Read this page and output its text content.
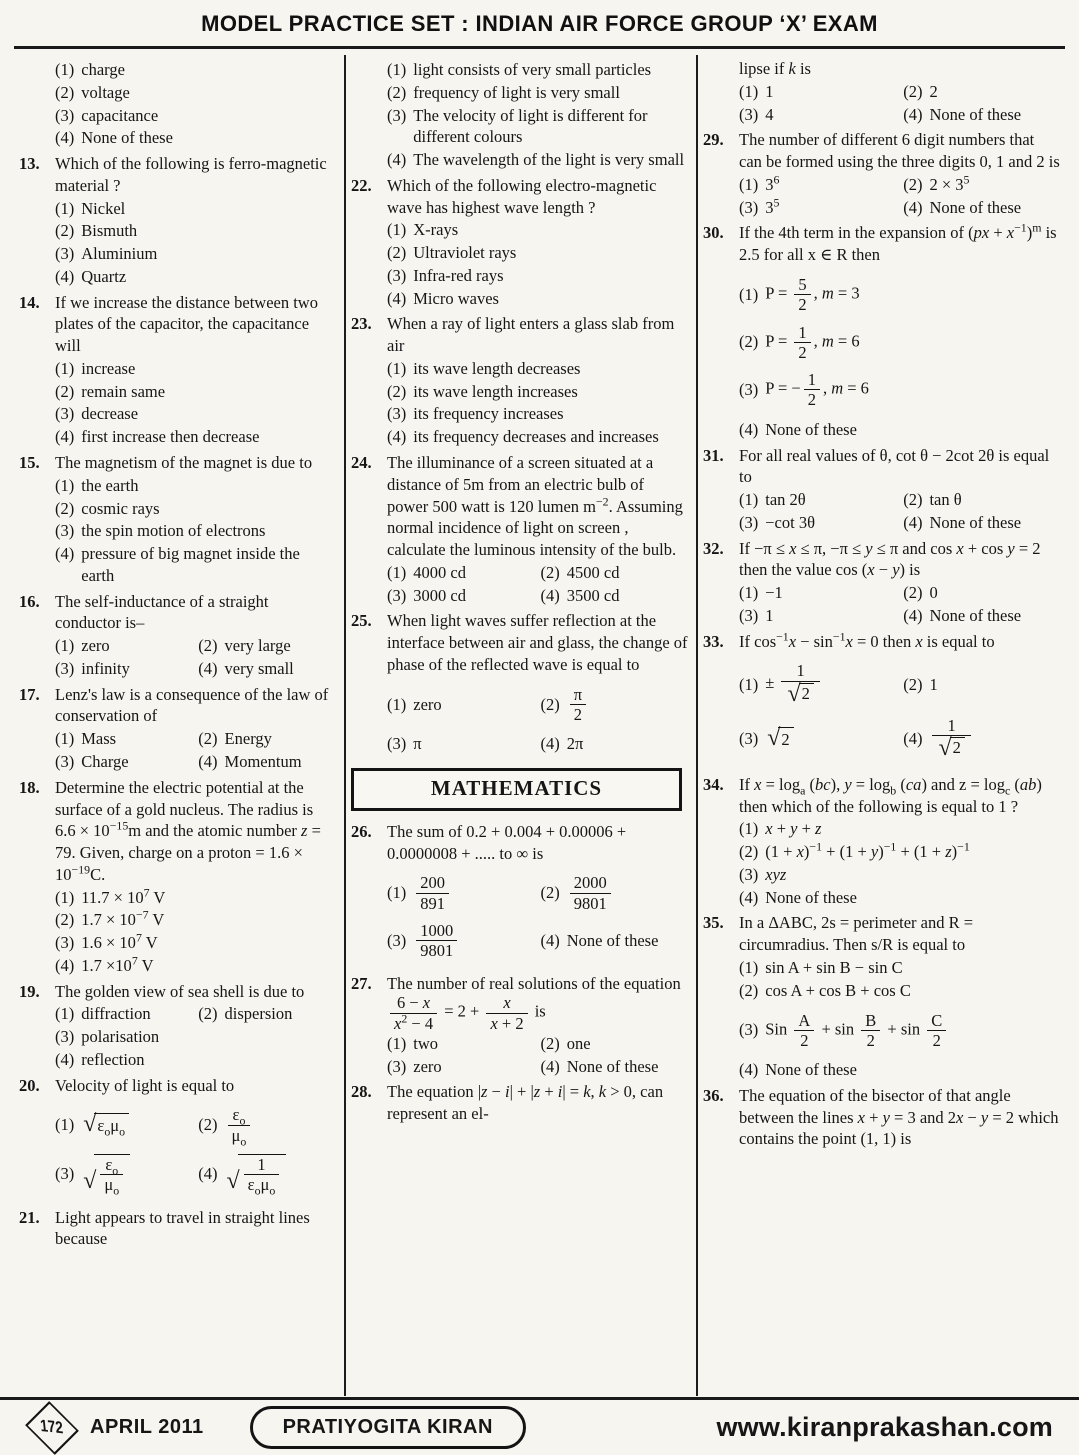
MODEL PRACTICE SET : INDIAN AIR FORCE GROUP ‘X’ EXAM
(1) charge
(2) voltage
(3) capacitance
(4) None of these
13. Which of the following is ferro-magnetic material ?
(1) Nickel
(2) Bismuth
(3) Aluminium
(4) Quartz
14. If we increase the distance between two plates of the capacitor, the capacitance will
(1) increase
(2) remain same
(3) decrease
(4) first increase then decrease
15. The magnetism of the magnet is due to
(1) the earth
(2) cosmic rays
(3) the spin motion of electrons
(4) pressure of big magnet inside the earth
16. The self-inductance of a straight conductor is–
(1) zero	(2) very large
(3) infinity	(4) very small
17. Lenz's law is a consequence of the law of conservation of
(1) Mass	(2) Energy
(3) Charge	(4) Momentum
18. Determine the electric potential at the surface of a gold nucleus. The radius is $6.6 \times 10^{-15}m$ and the atomic number z = 79. Given, charge on a proton = $1.6 \times 10^{-19}C$.
(1) $11.7 \times 10^7$ V
(2) $1.7 \times 10^{-7}$ V
(3) $1.6 \times 10^7$ V
(4) $1.7 \times 10^7$ V
19. The golden view of sea shell is due to
(1) diffraction	(2) dispersion
(3) polarisation
(4) reflection
20. Velocity of light is equal to
(1) √ $\varepsilon_o\mu_o$	$(2) \frac{\varepsilon_o}{\mu_o}$
(3) √ $\frac{\varepsilon_o}{\mu_o}$	(4) √ $\frac{1}{\varepsilon_o\mu_o}$
21. Light appears to travel in straight lines because
(1) light consists of very small particles
(2) frequency of light is very small
(3) The velocity of light is different for different colours
(4) The wavelength of the light is very small
22. Which of the following electro-magnetic wave has highest wave length ?
(1) X-rays
(2) Ultraviolet rays
(3) Infra-red rays
(4) Micro waves
23. When a ray of light enters a glass slab from air
(1) its wave length decreases
(2) its wave length increases
(3) its frequency increases
(4) its frequency decreases and increases
24. The illuminance of a screen situated at a distance of 5m from an electric bulb of power 500 watt is 120 lumen $m^{-2}$. Assuming normal incidence of light on screen , calculate the luminous intensity of the bulb.
(1) 4000 cd	(2) 4500 cd
(3) 3000 cd	(4) 3500 cd
25. When light waves suffer reflection at the interface between air and glass, the change of phase of the reflected wave is equal to
(1) zero	$(2) \frac{\pi}{2}$
(3) π	(4) 2π
MATHEMATICS
26. The sum of 0.2 + 0.004 + 0.00006 + 0.0000008 + ..... to ∞ is
$(1) \frac{200}{891}$	$(2) \frac{2000}{9801}$
$(3) \frac{1000}{9801}$	(4) None of these
27. The number of real solutions of the equation
$\frac{6 - x}{x^2 - 4} = 2 + \frac{x}{x + 2}$ is
(1) two	(2) one
(3) zero	(4) None of these
28. The equation |z − i| + |z + i| = k, k > 0, can represent an el-
lipse if k is
(1) 1	(2) 2
(3) 4	(4) None of these
29. The number of different 6 digit numbers that can be formed using the three digits 0, 1 and 2 is
(1) $3^6$	(2) $2 \times 3^5$
(3) $3^5$	(4) None of these
30. If the 4th term in the expansion of $(px + x^{-1})^m$ is 2.5 for all x ∈ R then
(1) $P = \frac{5}{2}$ , m = 3
(2) $P = \frac{1}{2}$ , m = 6
(3) P = − $\frac{1}{2}$ , m = 6
(4) None of these
31. For all real values of θ, cot θ − 2cot 2θ is equal to
(1) tan 2θ	(2) tan θ
(3) −cot 3θ	(4) None of these
32. If −π ≤ x ≤ π, −π ≤ y ≤ π and cos x + cos y = 2 then the value cos (x − y) is
(1) −1	(2) 0
(3) 1	(4) None of these
33. If $\cos^{-1}x - \sin^{-1}x = 0$ then x is equal to
$(1) \pm \frac{1}{√ 2}$	(2) 1
(3) √ 2	$(4) \frac{1}{√ 2}$
34. If $x = \log_a (bc)$, $y = \log_b (ca)$ and $z = \log_c (ab)$ then which of the following is equal to 1 ?
(1) x + y + z
(2) $(1 + x)^{-1} + (1 + y)^{-1} + (1 + z)^{-1}$
(3) xyz
(4) None of these
35. In a ΔABC, 2s = perimeter and R = circumradius. Then s/R is equal to
(1) sin A + sin B − sin C
(2) cos A + cos B + cos C
(3) Sin $\frac{A}{2} + \sin \frac{B}{2} + \sin \frac{C}{2}$
(4) None of these
36. The equation of the bisector of that angle between the lines x + y = 3 and 2x − y = 2 which contains the point (1, 1) is
172 APRIL 2011	PRATIYOGITA KIRAN	www.kiranprakashan.com
